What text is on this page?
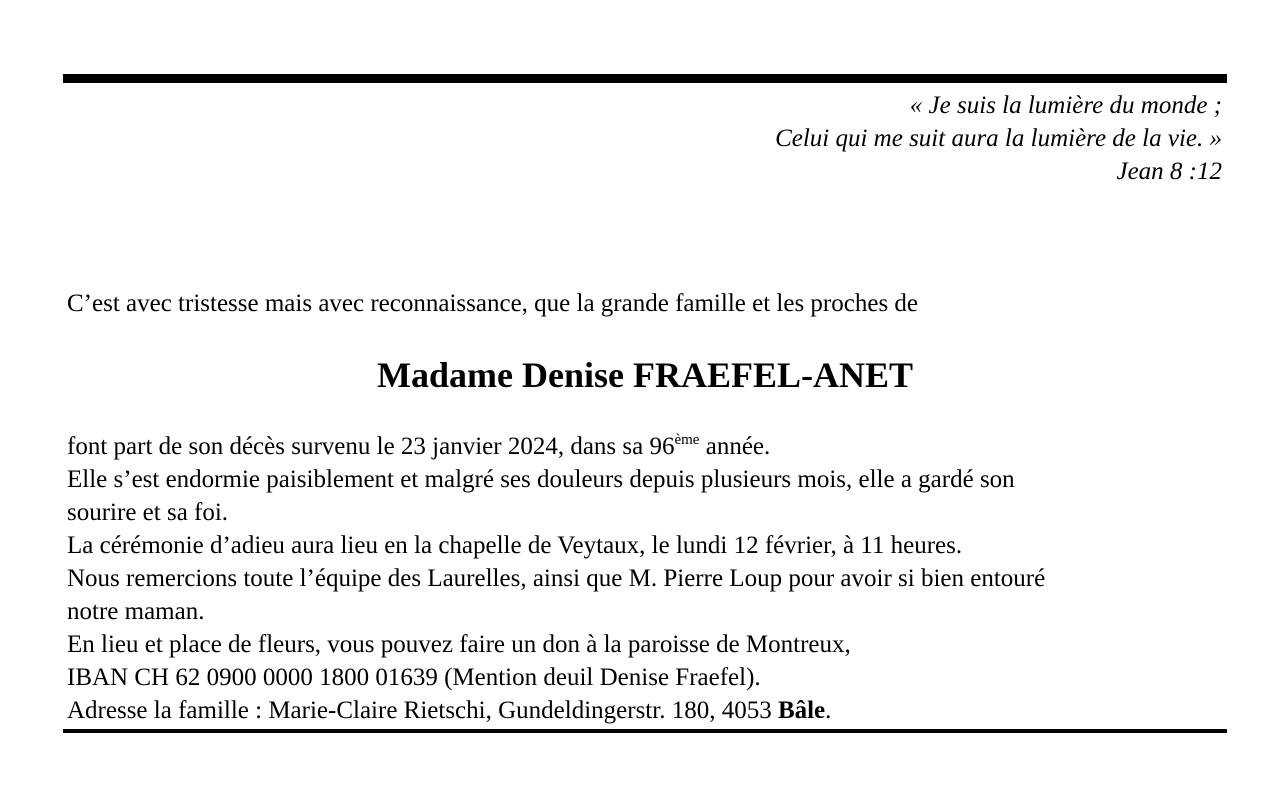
« Je suis la lumière du monde ;
Celui qui me suit aura la lumière de la vie. »
Jean 8 :12
C’est avec tristesse mais avec reconnaissance, que la grande famille et les proches de
Madame Denise FRAEFEL-ANET
font part de son décès survenu le 23 janvier 2024, dans sa 96ème année.
Elle s’est endormie paisiblement et malgré ses douleurs depuis plusieurs mois, elle a gardé son
sourire et sa foi.
La cérémonie d’adieu aura lieu en la chapelle de Veytaux, le lundi 12 février, à 11 heures.
Nous remercions toute l’équipe des Laurelles, ainsi que M. Pierre Loup pour avoir si bien entouré
notre maman.
En lieu et place de fleurs, vous pouvez faire un don à la paroisse de Montreux,
IBAN CH 62 0900 0000 1800 01639 (Mention deuil Denise Fraefel).
Adresse la famille : Marie-Claire Rietschi, Gundeldingerstr. 180, 4053 Bâle.
